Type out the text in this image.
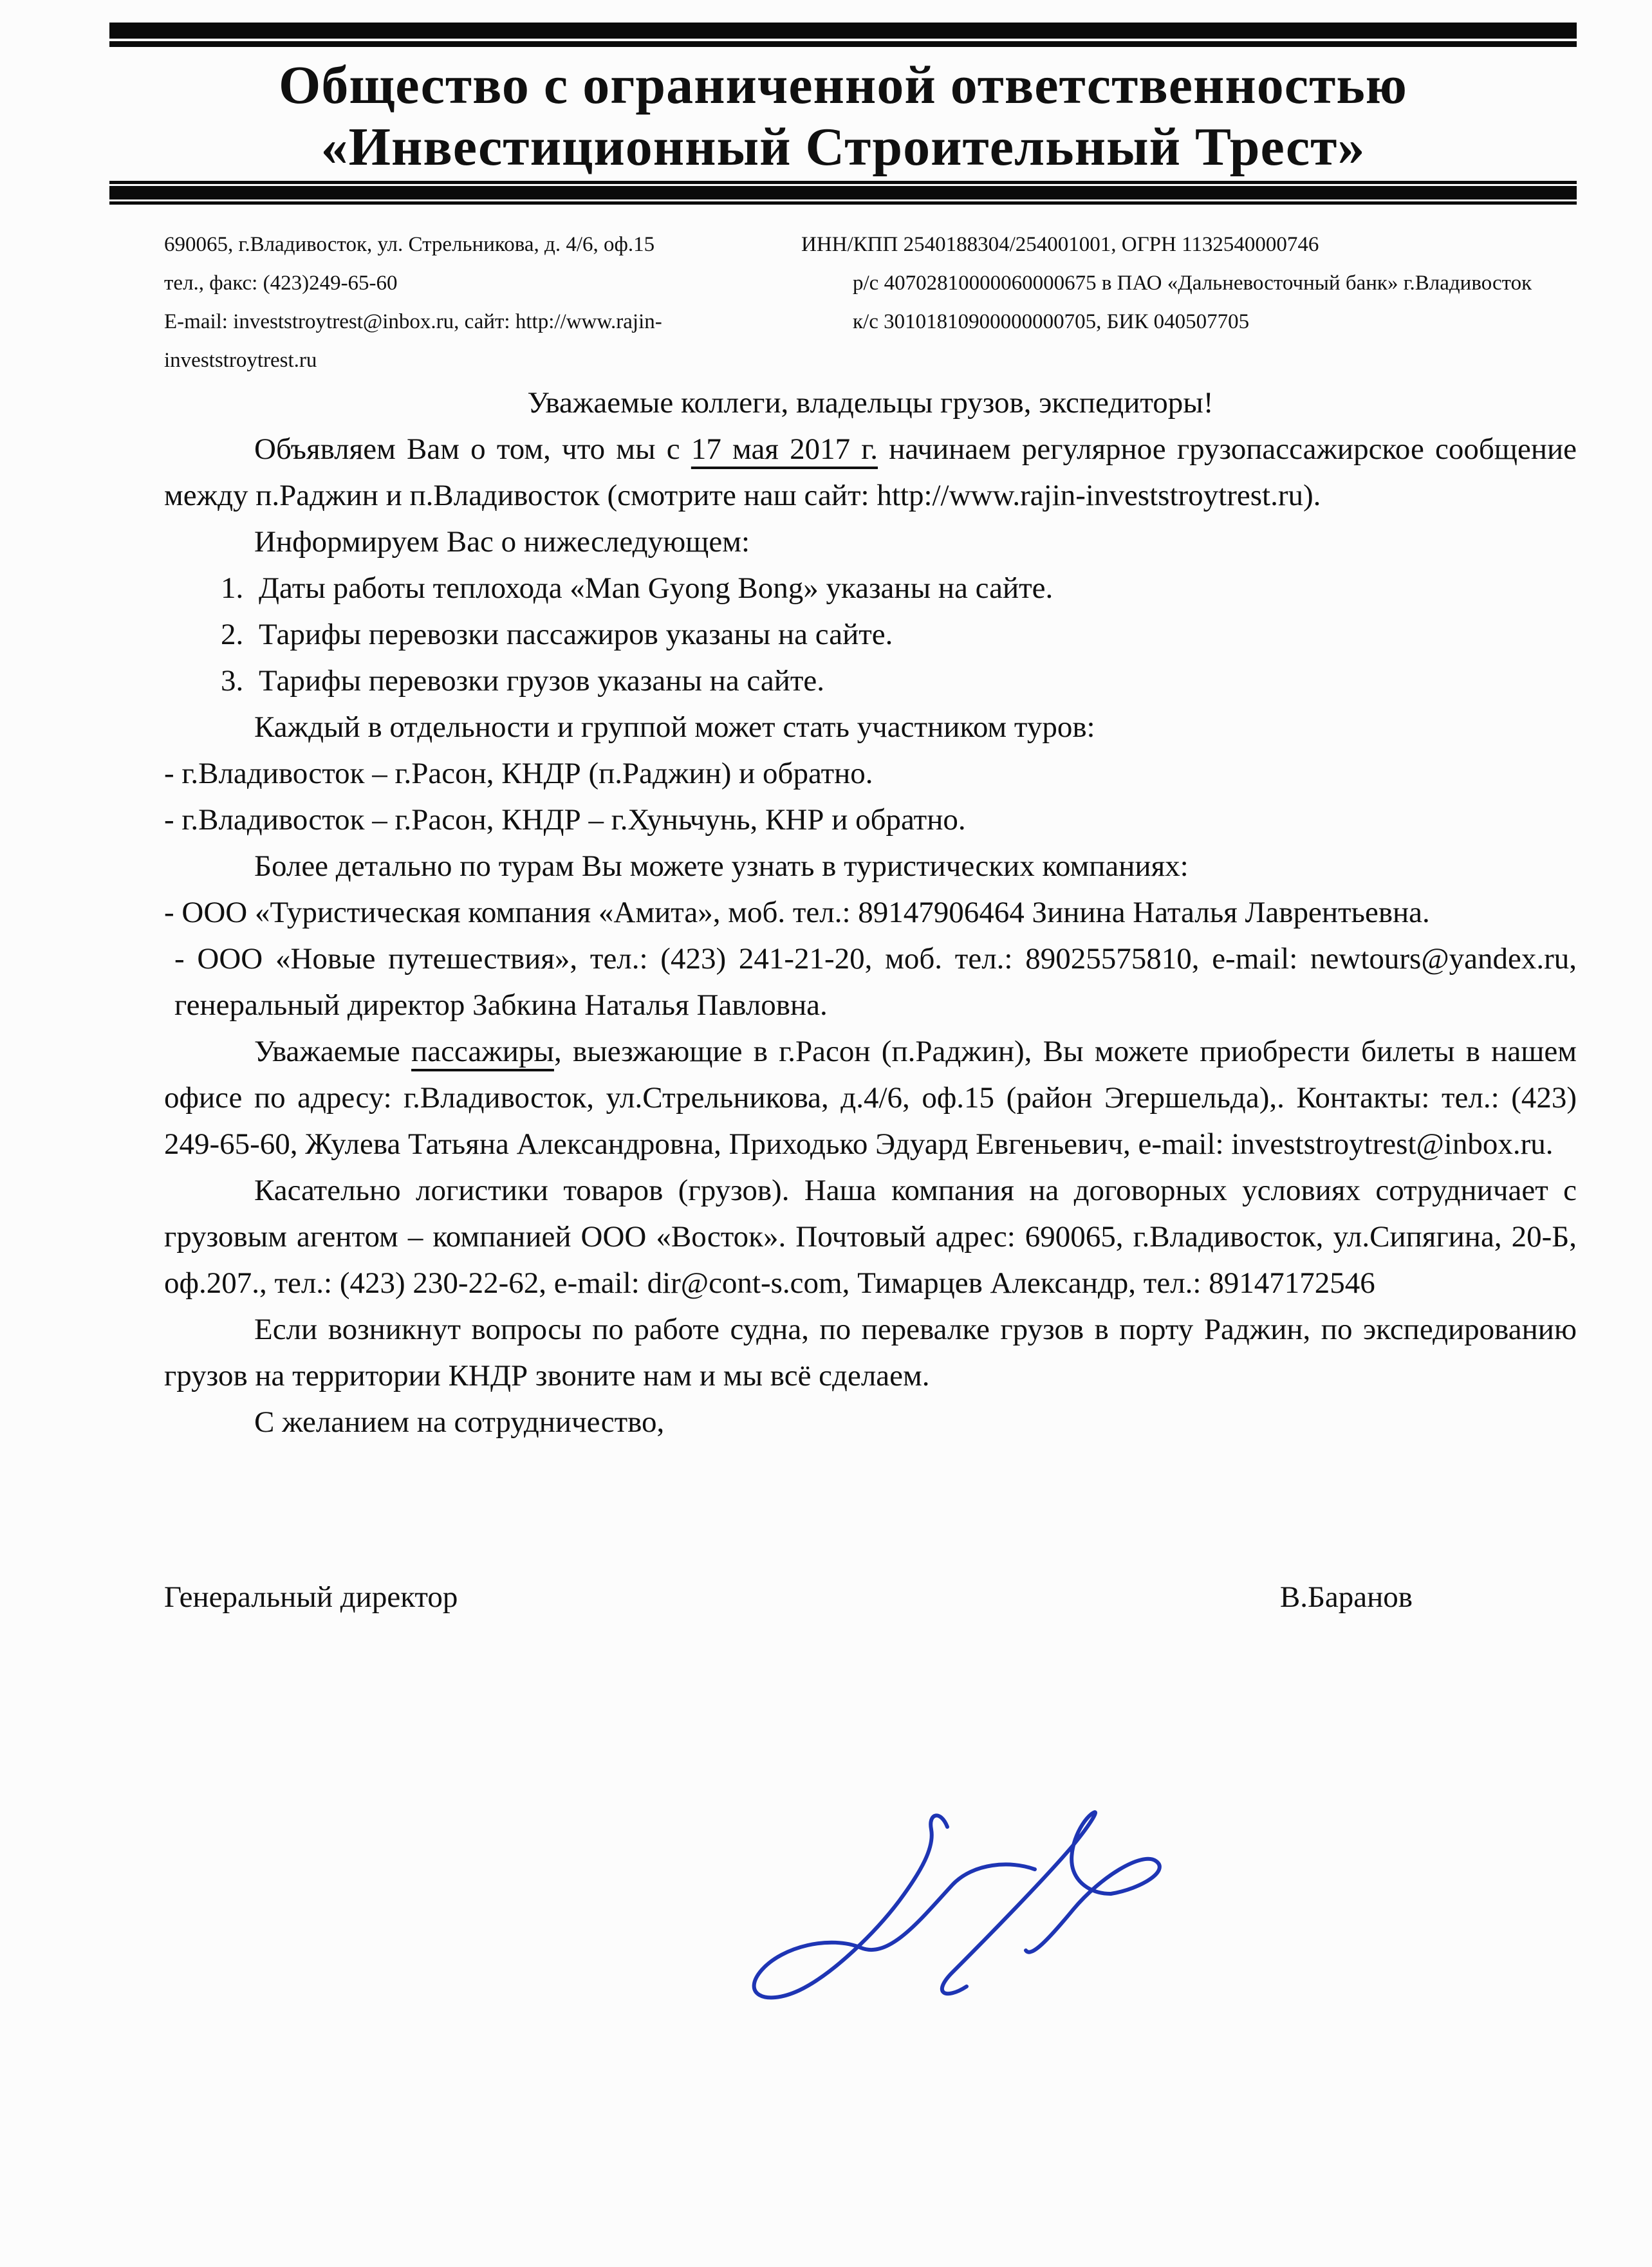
Общество с ограниченной ответственностью
«Инвестиционный Строительный Трест»
690065, г.Владивосток, ул. Стрельникова, д. 4/6, оф.15
тел., факс: (423)249-65-60
E-mail: investstroytrest@inbox.ru, сайт: http://www.rajin-investstroytrest.ru
ИНН/КПП 2540188304/254001001, ОГРН 1132540000746
р/с 40702810000060000675 в ПАО «Дальневосточный банк» г.Владивосток
к/с 30101810900000000705, БИК 040507705

Уважаемые коллеги, владельцы грузов, экспедиторы!

Объявляем Вам о том, что мы с 17 мая 2017 г. начинаем регулярное грузопассажирское сообщение между п.Раджин и п.Владивосток (смотрите наш сайт: http://www.rajin-investstroytrest.ru).

Информируем Вас о нижеследующем:

1. Даты работы теплохода «Man Gyong Bong» указаны на сайте.
2. Тарифы перевозки пассажиров указаны на сайте.
3. Тарифы перевозки грузов указаны на сайте.

Каждый в отдельности и группой может стать участником туров:

- г.Владивосток – г.Расон, КНДР (п.Раджин) и обратно.

- г.Владивосток – г.Расон, КНДР – г.Хуньчунь, КНР и обратно.

Более детально по турам Вы можете узнать в туристических компаниях:

- ООО «Туристическая компания «Амита», моб. тел.: 89147906464 Зинина Наталья Лаврентьевна.

- ООО «Новые путешествия», тел.: (423) 241-21-20, моб. тел.: 89025575810, e-mail: newtours@yandex.ru, генеральный директор Забкина Наталья Павловна.

Уважаемые пассажиры, выезжающие в г.Расон (п.Раджин), Вы можете приобрести билеты в нашем офисе по адресу: г.Владивосток, ул.Стрельникова, д.4/6, оф.15 (район Эгершельда),. Контакты: тел.: (423) 249-65-60, Жулева Татьяна Александровна, Приходько Эдуард Евгеньевич, e-mail: investstroytrest@inbox.ru.

Касательно логистики товаров (грузов). Наша компания на договорных условиях сотрудничает с грузовым агентом – компанией ООО «Восток». Почтовый адрес: 690065, г.Владивосток, ул.Сипягина, 20-Б, оф.207., тел.: (423) 230-22-62, e-mail: dir@cont-s.com, Тимарцев Александр, тел.: 89147172546

Если возникнут вопросы по работе судна, по перевалке грузов в порту Раджин, по экспедированию грузов на территории КНДР звоните нам и мы всё сделаем.

С желанием на сотрудничество,

Генеральный директор	В.Баранов
